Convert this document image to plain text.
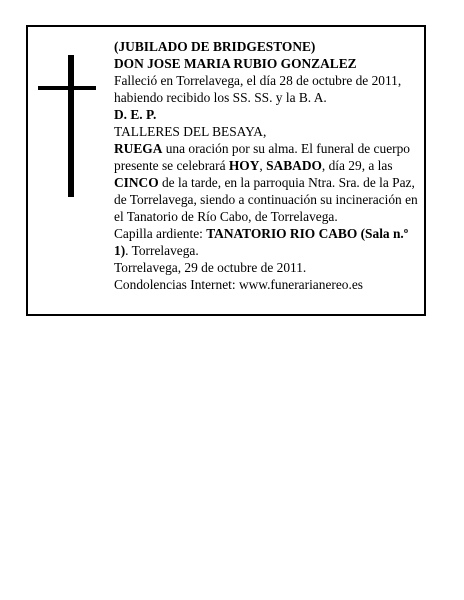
(JUBILADO DE BRIDGESTONE)

DON JOSE MARIA RUBIO GONZALEZ

Falleció en Torrelavega, el día 28 de octubre de 2011, habiendo recibido los SS. SS. y la B. A.

D. E. P.

TALLERES DEL BESAYA,

RUEGA una oración por su alma. El funeral de cuerpo presente se celebrará HOY, SABADO, día 29, a las CINCO de la tarde, en la parroquia Ntra. Sra. de la Paz, de Torrelavega, siendo a continuación su incineración en el Tanatorio de Río Cabo, de Torrelavega.

Capilla ardiente: TANATORIO RIO CABO (Sala n.º 1). Torrelavega.

Torrelavega, 29 de octubre de 2011.

Condolencias Internet: www.funerarianereo.es
